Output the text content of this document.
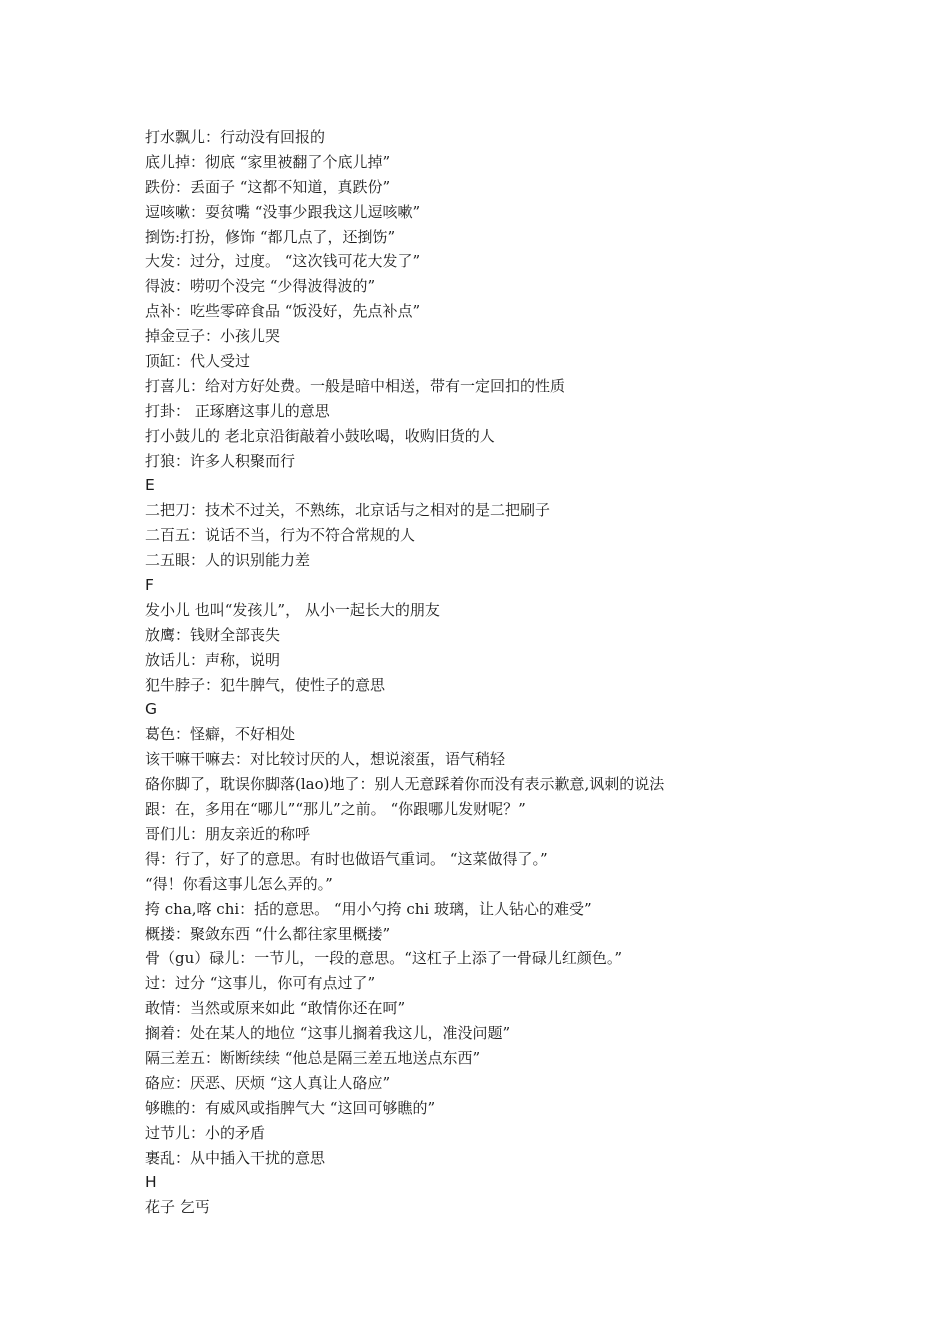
打水飘儿：行动没有回报的
底儿掉：彻底 “家里被翻了个底儿掉”
跌份：丢面子 “这都不知道，真跌份”
逗咳嗽：耍贫嘴 “没事少跟我这儿逗咳嗽”
捯饬:打扮，修饰 “都几点了，还捯饬”
大发：过分，过度。 “这次钱可花大发了”
得波：唠叨个没完 “少得波得波的”
点补：吃些零碎食品 “饭没好，先点补点”
掉金豆子：小孩儿哭
顶缸：代人受过
打喜儿：给对方好处费。一般是暗中相送，带有一定回扣的性质
打卦： 正琢磨这事儿的意思
打小鼓儿的 老北京沿街敲着小鼓吆喝，收购旧货的人
打狼：许多人积聚而行
E
二把刀：技术不过关，不熟练，北京话与之相对的是二把刷子
二百五：说话不当，行为不符合常规的人
二五眼：人的识别能力差
F
发小儿 也叫“发孩儿”， 从小一起长大的朋友
放鹰：钱财全部丧失
放话儿：声称，说明
犯牛脖子：犯牛脾气，使性子的意思
G
葛色：怪癖，不好相处
该干嘛干嘛去：对比较讨厌的人，想说滚蛋，语气稍轻
硌你脚了，耽误你脚落(lao)地了：别人无意踩着你而没有表示歉意,讽刺的说法
跟：在，多用在“哪儿”“那儿”之前。 “你跟哪儿发财呢？”
哥们儿：朋友亲近的称呼
得：行了，好了的意思。有时也做语气重词。 “这菜做得了。”
“得！你看这事儿怎么弄的。”
挎 cha,喀 chi：括的意思。 “用小勺挎 chi 玻璃，让人钻心的难受”
概搂：聚敛东西 “什么都往家里概搂”
骨（gu）碌儿：一节儿，一段的意思。“这杠子上添了一骨碌儿红颜色。”
过：过分 “这事儿，你可有点过了”
敢情：当然或原来如此 “敢情你还在呵”
搁着：处在某人的地位 “这事儿搁着我这儿，准没问题”
隔三差五：断断续续 “他总是隔三差五地送点东西”
硌应：厌恶、厌烦 “这人真让人硌应”
够瞧的：有威风或指脾气大 “这回可够瞧的”
过节儿：小的矛盾
裹乱：从中插入干扰的意思
H
花子 乞丐
